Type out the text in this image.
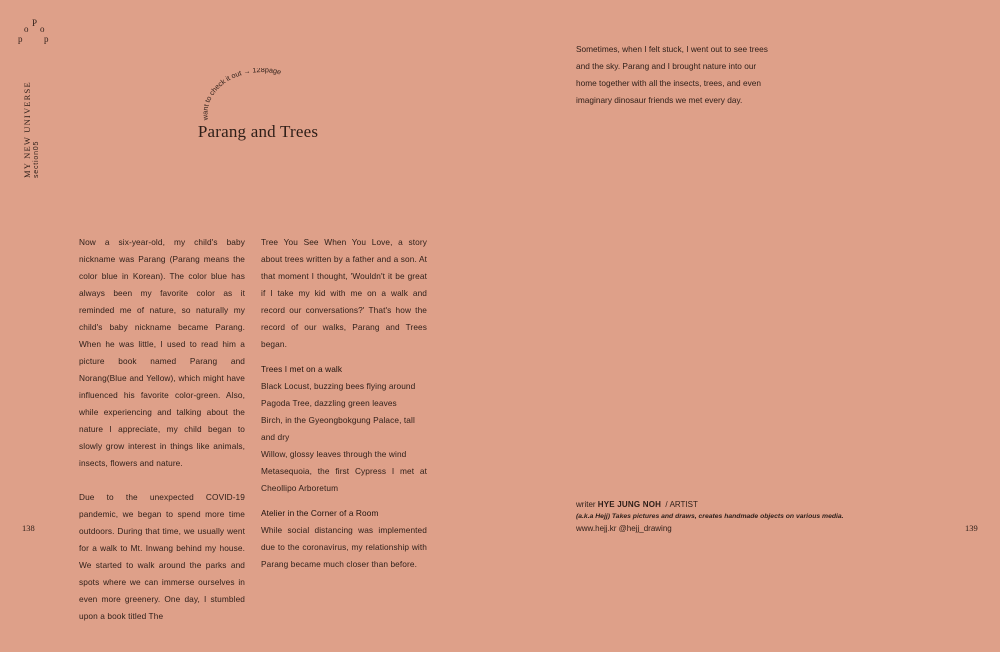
p
o
P
o
p
MY NEW UNIVERSE section05
want to check it out → 128page
Parang and Trees

Now a six-year-old, my child's baby nickname was Parang (Parang means the color blue in Korean). The color blue has always been my favorite color as it reminded me of nature, so naturally my child's baby nickname became Parang. When he was little, I used to read him a picture book named Parang and Norang(Blue and Yellow), which might have influenced his favorite color-green. Also, while experiencing and talking about the nature I appreciate, my child began to slowly grow interest in things like animals, insects, flowers and nature.

Due to the unexpected COVID-19 pandemic, we began to spend more time outdoors. During that time, we usually went for a walk to Mt. Inwang behind my house. We started to walk around the parks and spots where we can immerse ourselves in even more greenery. One day, I stumbled upon a book titled The

Tree You See When You Love, a story about trees written by a father and a son. At that moment I thought, 'Wouldn't it be great if I take my kid with me on a walk and record our conversations?' That's how the record of our walks, Parang and Trees began.

Trees I met on a walk

Black Locust, buzzing bees flying around

Pagoda Tree, dazzling green leaves

Birch, in the Gyeongbokgung Palace, tall and dry

Willow, glossy leaves through the wind

Metasequoia, the first Cypress I met at Cheollipo Arboretum

Atelier in the Corner of a Room

While social distancing was implemented due to the coronavirus, my relationship with Parang became much closer than before.

Sometimes, when I felt stuck, I went out to see trees and the sky. Parang and I brought nature into our home together with all the insects, trees, and even imaginary dinosaur friends we met every day.
writer HYE JUNG NOH / ARTIST
(a.k.a Hejj) Takes pictures and draws, creates handmade objects on various media.
www.hejj.kr @hejj_drawing
138	139
